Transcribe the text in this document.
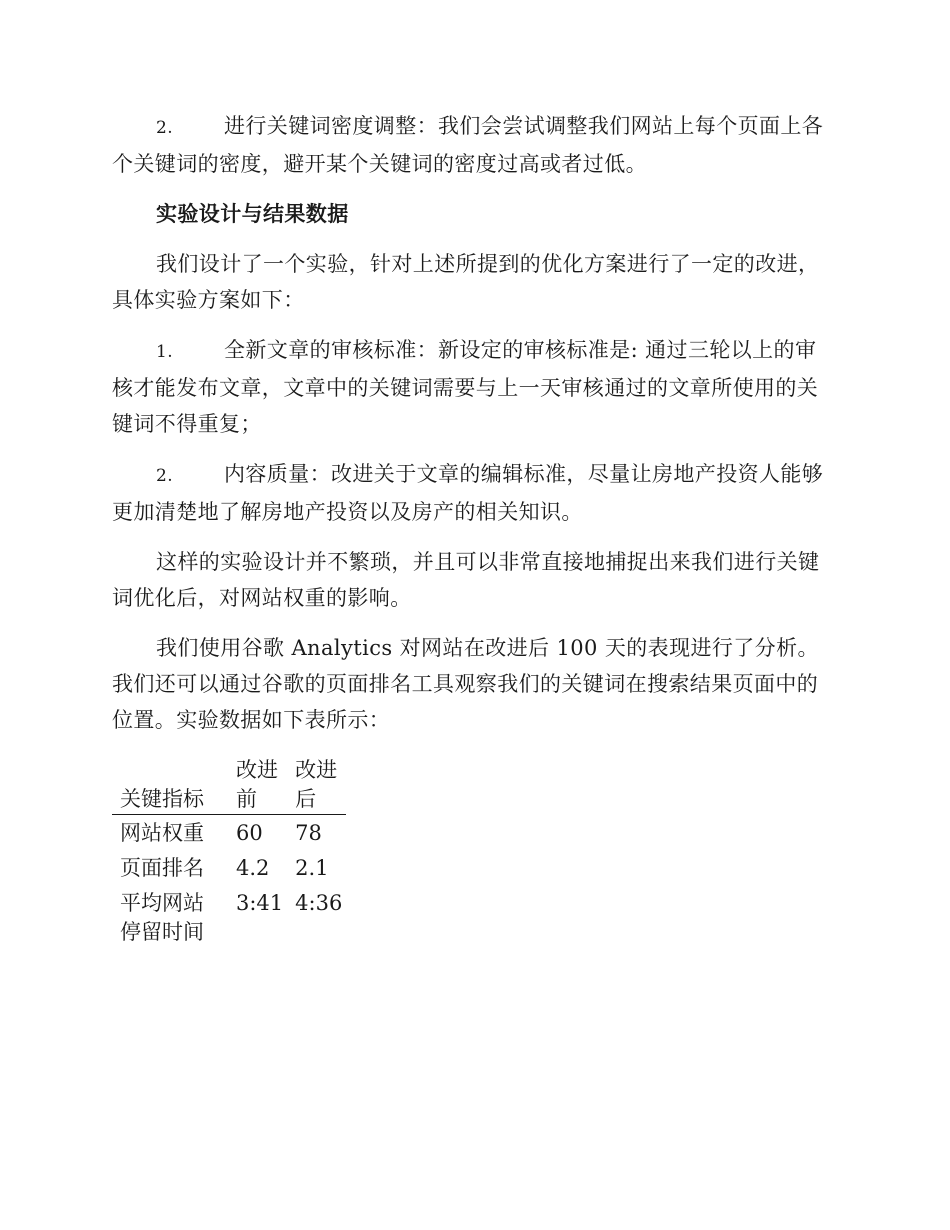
2. 进行关键词密度调整：我们会尝试调整我们网站上每个页面上各个关键词的密度，避开某个关键词的密度过高或者过低。

实验设计与结果数据

我们设计了一个实验，针对上述所提到的优化方案进行了一定的改进，具体实验方案如下：

1. 全新文章的审核标准：新设定的审核标准是: 通过三轮以上的审核才能发布文章，文章中的关键词需要与上一天审核通过的文章所使用的关键词不得重复；

2. 内容质量：改进关于文章的编辑标准，尽量让房地产投资人能够更加清楚地了解房地产投资以及房产的相关知识。

这样的实验设计并不繁琐，并且可以非常直接地捕捉出来我们进行关键词优化后，对网站权重的影响。

我们使用谷歌 Analytics 对网站在改进后 100 天的表现进行了分析。我们还可以通过谷歌的页面排名工具观察我们的关键词在搜索结果页面中的位置。实验数据如下表所示：

关键指标	改进前	改进后
网站权重	60	78
页面排名	4.2	2.1
平均网站停留时间	3:41	4:36
